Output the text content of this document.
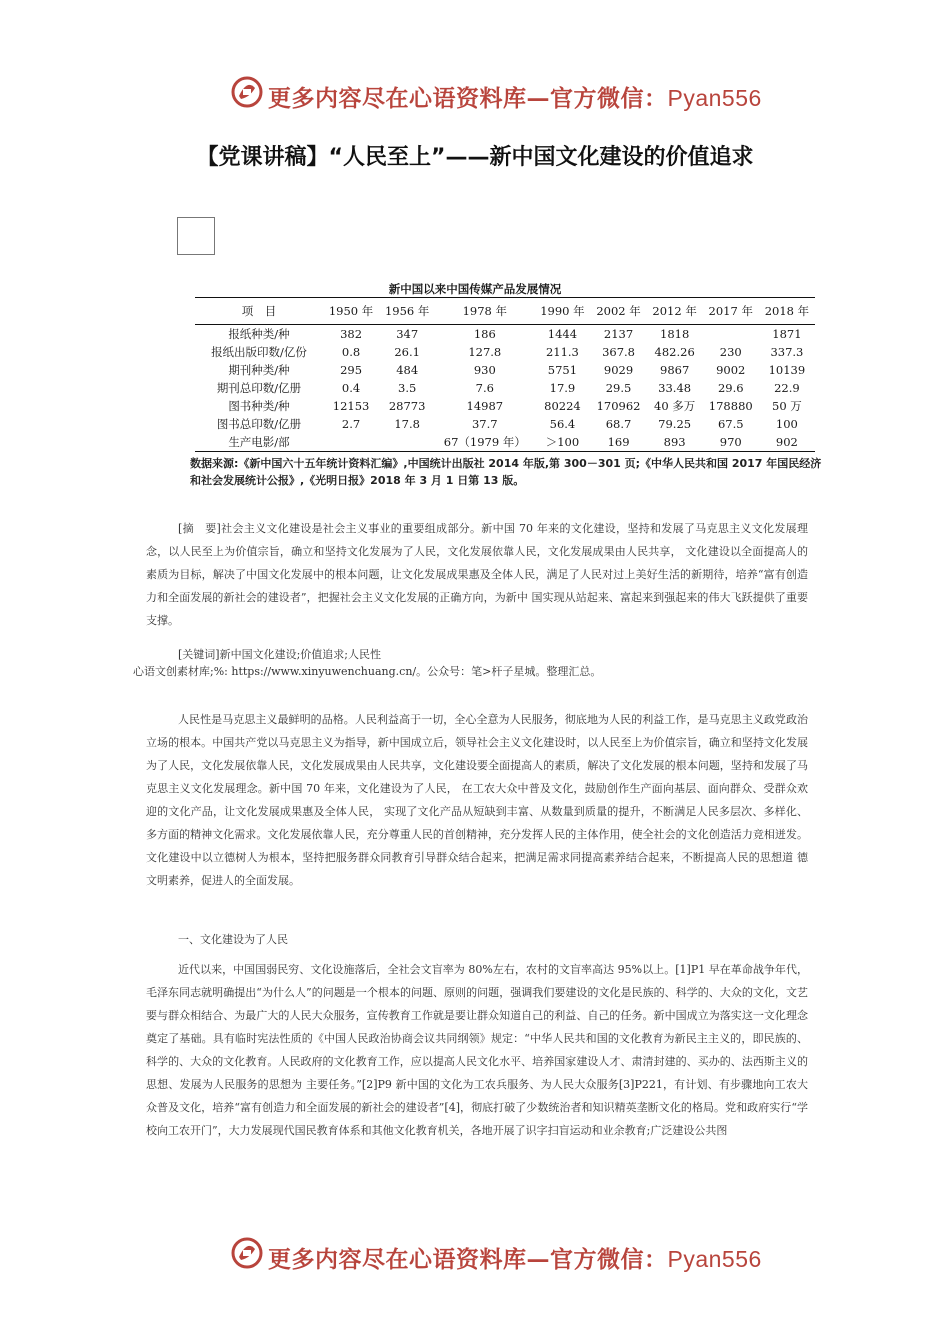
更多内容尽在心语资料库—官方微信：Pyan556
【党课讲稿】“人民至上”——新中国文化建设的价值追求
新中国以来中国传媒产品发展情况
项　目	1950 年	1956 年	1978 年	1990 年	2002 年	2012 年	2017 年	2018 年
报纸种类/种	382	347	186	1444	2137	1818		1871
报纸出版印数/亿份	0.8	26.1	127.8	211.3	367.8	482.26	230	337.3
期刊种类/种	295	484	930	5751	9029	9867	9002	10139
期刊总印数/亿册	0.4	3.5	7.6	17.9	29.5	33.48	29.6	22.9
图书种类/种	12153	28773	14987	80224	170962	40 多万	178880	50 万
图书总印数/亿册	2.7	17.8	37.7	56.4	68.7	79.25	67.5	100
生产电影/部			67（1979 年）	＞100	169	893	970	902
数据来源:《新中国六十五年统计资料汇编》,中国统计出版社 2014 年版,第 300－301 页;《中华人民共和国 2017 年国民经济和社会发展统计公报》,《光明日报》2018 年 3 月 1 日第 13 版。
[摘　要]社会主义文化建设是社会主义事业的重要组成部分。新中国 70 年来的文化建设，坚持和发展了马克思主义文化发展理念，以人民至上为价值宗旨，确立和坚持文化发展为了人民，文化发展依靠人民，文化发展成果由人民共享， 文化建设以全面提高人的素质为目标，解决了中国文化发展中的根本问题，让文化发展成果惠及全体人民，满足了人民对过上美好生活的新期待，培养“富有创造力和全面发展的新社会的建设者”，把握社会主义文化发展的正确方向，为新中 国实现从站起来、富起来到强起来的伟大飞跃提供了重要支撑。
[关键词]新中国文化建设;价值追求;人民性
心语文创素材库;%: https://www.xinyuwenchuang.cn/。公众号：笔>杆子星城。整理汇总。
人民性是马克思主义最鲜明的品格。人民利益高于一切，全心全意为人民服务，彻底地为人民的利益工作，是马克思主义政党政治立场的根本。中国共产党以马克思主义为指导，新中国成立后，领导社会主义文化建设时，以人民至上为价值宗旨，确立和坚持文化发展为了人民，文化发展依靠人民，文化发展成果由人民共享，文化建设要全面提高人的素质，解决了文化发展的根本问题，坚持和发展了马克思主义文化发展理念。新中国 70 年来，文化建设为了人民， 在工农大众中普及文化，鼓励创作生产面向基层、面向群众、受群众欢迎的文化产品，让文化发展成果惠及全体人民， 实现了文化产品从短缺到丰富、从数量到质量的提升，不断满足人民多层次、多样化、多方面的精神文化需求。文化发展依靠人民，充分尊重人民的首创精神，充分发挥人民的主体作用，使全社会的文化创造活力竞相迸发。文化建设中以立德树人为根本，坚持把服务群众同教育引导群众结合起来，把满足需求同提高素养结合起来，不断提高人民的思想道 德文明素养，促进人的全面发展。
一、文化建设为了人民
近代以来，中国国弱民穷、文化设施落后，全社会文盲率为 80%左右，农村的文盲率高达 95%以上。[1]P1 早在革命战争年代，毛泽东同志就明确提出“为什么人”的问题是一个根本的问题、原则的问题，强调我们要建设的文化是民族的、科学的、大众的文化，文艺要与群众相结合、为最广大的人民大众服务，宣传教育工作就是要让群众知道自己的利益、自己的任务。新中国成立为落实这一文化理念奠定了基础。具有临时宪法性质的《中国人民政治协商会议共同纲领》规定：“中华人民共和国的文化教育为新民主主义的，即民族的、科学的、大众的文化教育。人民政府的文化教育工作，应以提高人民文化水平、培养国家建设人才、肃清封建的、买办的、法西斯主义的思想、发展为人民服务的思想为 主要任务。”[2]P9 新中国的文化为工农兵服务、为人民大众服务[3]P221，有计划、有步骤地向工农大众普及文化，培养“富有创造力和全面发展的新社会的建设者”[4]，彻底打破了少数统治者和知识精英垄断文化的格局。党和政府实行“学校向工农开门”，大力发展现代国民教育体系和其他文化教育机关，各地开展了识字扫盲运动和业余教育;广泛建设公共图
更多内容尽在心语资料库—官方微信：Pyan556
